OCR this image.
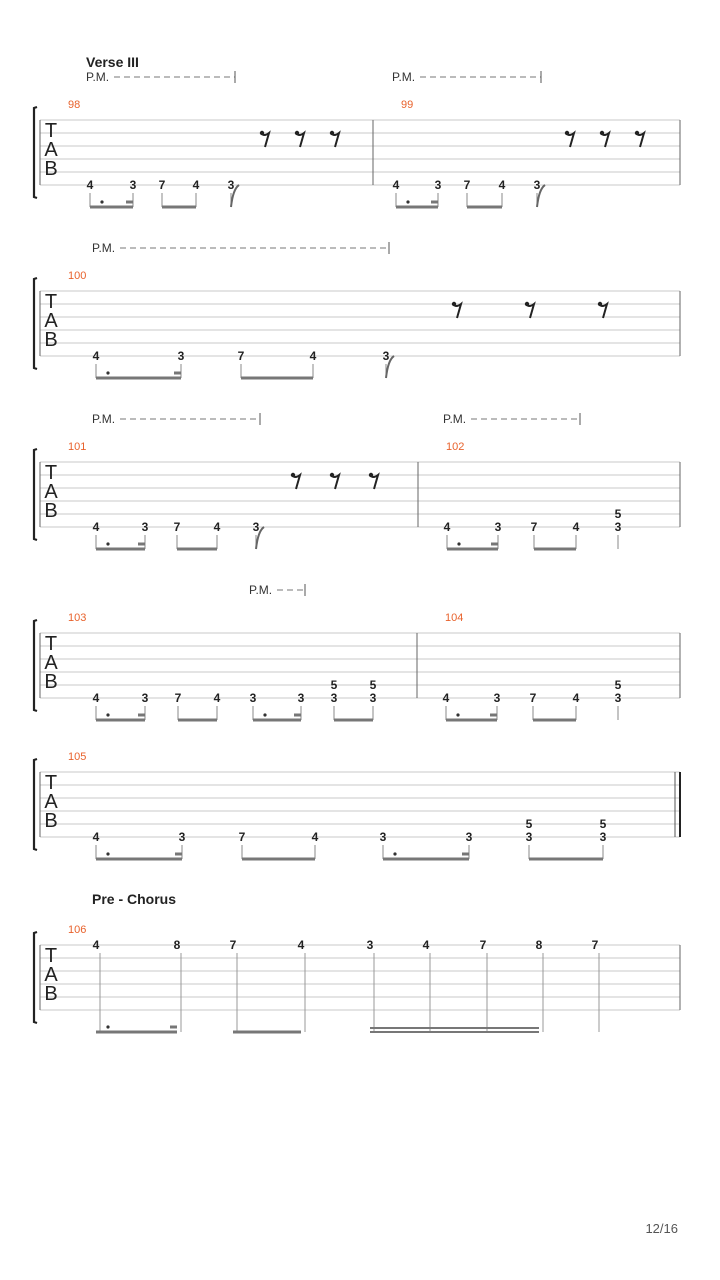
T
A
B
P.M.	P.M.
98
4	3 7 4 3
99
4	3 7 4 3
T
A
B
P.M.
100
4	3	7	4	3
T
A
B
P.M.	P.M.
101
4	3 7	4	3
102
4	3 7	4
5
3
T
A
B
P.M.
103
4	3 7	4 3	3
5
3
5
3
104
4	3 7	4
5
3
T
A
B
105
4	3	7	4	3	3
5
3
5
3
T
A
B
106
4	8	7	4	3	4	7	8	7
Verse III
Pre - Chorus
12/16
